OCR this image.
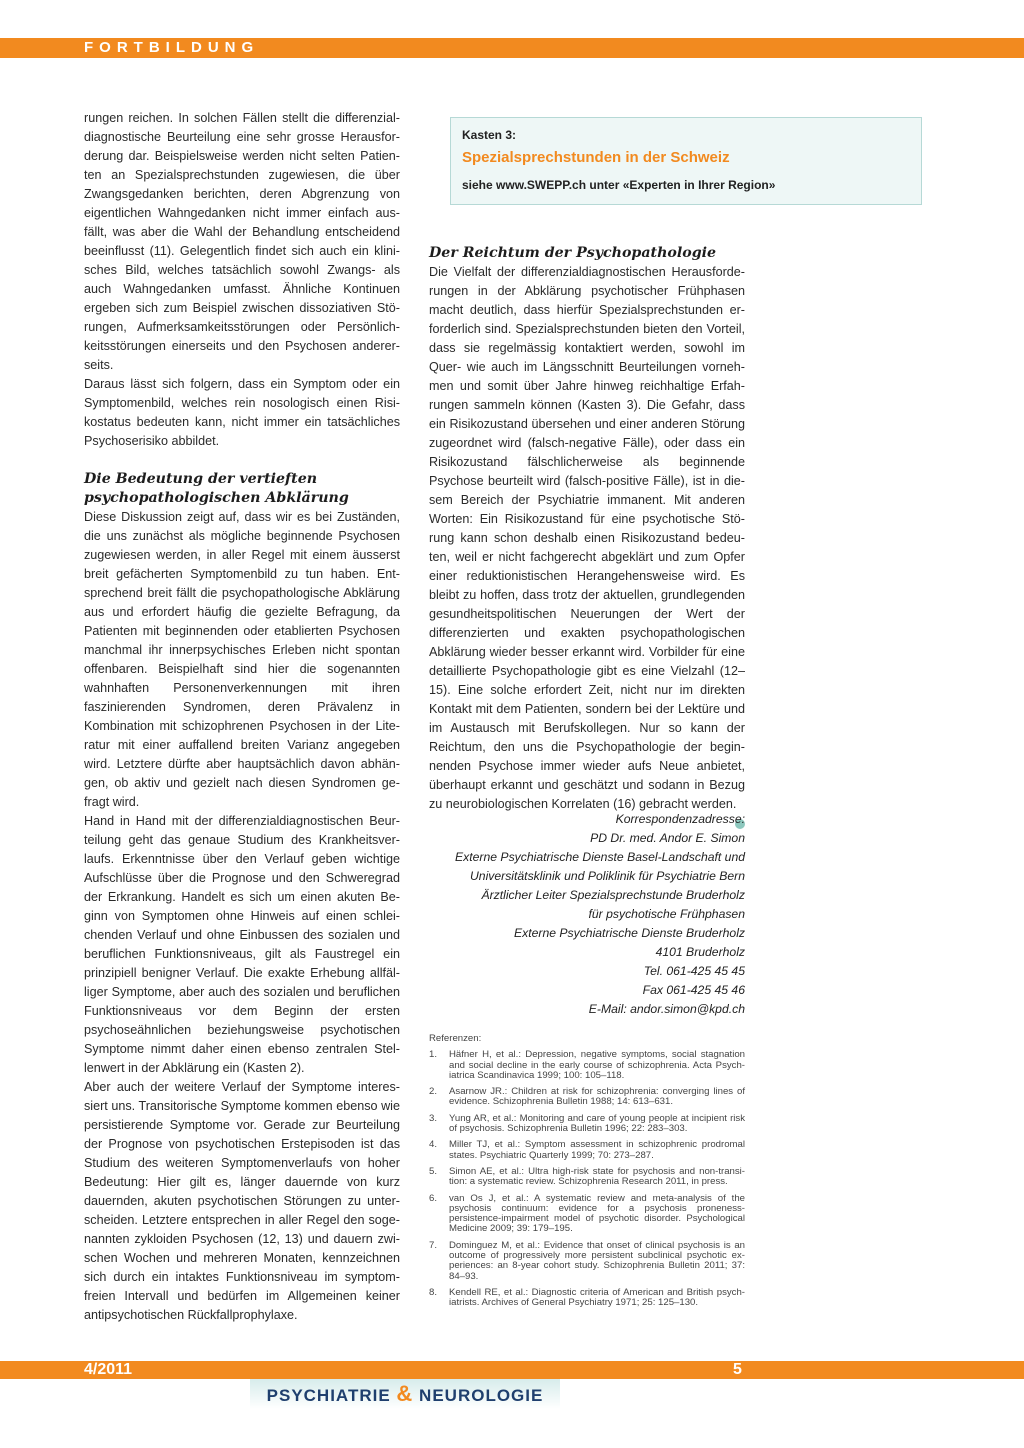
FORTBILDUNG

rungen reichen. In solchen Fällen stellt die differenzialdiagnostische Beurteilung eine sehr grosse Herausforderung dar. Beispielsweise werden nicht selten Patienten an Spezialsprechstunden zugewiesen, die über Zwangsgedanken berichten, deren Abgrenzung von eigentlichen Wahngedanken nicht immer einfach ausfällt, was aber die Wahl der Behandlung entscheidend beeinflusst (11). Gelegentlich findet sich auch ein klinisches Bild, welches tatsächlich sowohl Zwangs- als auch Wahngedanken umfasst. Ähnliche Kontinuen ergeben sich zum Beispiel zwischen dissoziativen Störungen, Aufmerksamkeitsstörungen oder Persönlichkeitsstörungen einerseits und den Psychosen andererseits.

Daraus lässt sich folgern, dass ein Symptom oder ein Symptomenbild, welches rein nosologisch einen Risikostatus bedeuten kann, nicht immer ein tatsächliches Psychoserisiko abbildet.

Die Bedeutung der vertieften psychopathologischen Abklärung

Diese Diskussion zeigt auf, dass wir es bei Zuständen, die uns zunächst als mögliche beginnende Psychosen zugewiesen werden, in aller Regel mit einem äusserst breit gefächerten Symptomenbild zu tun haben. Entsprechend breit fällt die psychopathologische Abklärung aus und erfordert häufig die gezielte Befragung, da Patienten mit beginnenden oder etablierten Psychosen manchmal ihr innerpsychisches Erleben nicht spontan offenbaren. Beispielhaft sind hier die sogenannten wahnhaften Personenverkennungen mit ihren faszinierenden Syndromen, deren Prävalenz in Kombination mit schizophrenen Psychosen in der Literatur mit einer auffallend breiten Varianz angegeben wird. Letztere dürfte aber hauptsächlich davon abhängen, ob aktiv und gezielt nach diesen Syndromen gefragt wird.

Hand in Hand mit der differenzialdiagnostischen Beurteilung geht das genaue Studium des Krankheitsverlaufs. Erkenntnisse über den Verlauf geben wichtige Aufschlüsse über die Prognose und den Schweregrad der Erkrankung. Handelt es sich um einen akuten Beginn von Symptomen ohne Hinweis auf einen schleichenden Verlauf und ohne Einbussen des sozialen und beruflichen Funktionsniveaus, gilt als Faustregel ein prinzipiell benigner Verlauf. Die exakte Erhebung allfälliger Symptome, aber auch des sozialen und beruflichen Funktionsniveaus vor dem Beginn der ersten psychoseähnlichen beziehungsweise psychotischen Symptome nimmt daher einen ebenso zentralen Stellenwert in der Abklärung ein (Kasten 2).

Aber auch der weitere Verlauf der Symptome interessiert uns. Transitorische Symptome kommen ebenso wie persistierende Symptome vor. Gerade zur Beurteilung der Prognose von psychotischen Erstepisoden ist das Studium des weiteren Symptomenverlaufs von hoher Bedeutung: Hier gilt es, länger dauernde von kurz dauernden, akuten psychotischen Störungen zu unterscheiden. Letztere entsprechen in aller Regel den sogenannten zykloiden Psychosen (12, 13) und dauern zwischen Wochen und mehreren Monaten, kennzeichnen sich durch ein intaktes Funktionsniveau im symptomfreien Intervall und bedürfen im Allgemeinen keiner antipsychotischen Rückfallprophylaxe.

Kasten 3:
Spezialsprechstunden in der Schweiz
siehe www.SWEPP.ch unter «Experten in Ihrer Region»
Der Reichtum der Psychopathologie

Die Vielfalt der differenzialdiagnostischen Herausforderungen in der Abklärung psychotischer Frühphasen macht deutlich, dass hierfür Spezialsprechstunden erforderlich sind. Spezialsprechstunden bieten den Vorteil, dass sie regelmässig kontaktiert werden, sowohl im Quer- wie auch im Längsschnitt Beurteilungen vornehmen und somit über Jahre hinweg reichhaltige Erfahrungen sammeln können (Kasten 3). Die Gefahr, dass ein Risikozustand übersehen und einer anderen Störung zugeordnet wird (falsch-negative Fälle), oder dass ein Risikozustand fälschlicherweise als beginnende Psychose beurteilt wird (falsch-positive Fälle), ist in diesem Bereich der Psychiatrie immanent. Mit anderen Worten: Ein Risikozustand für eine psychotische Störung kann schon deshalb einen Risikozustand bedeuten, weil er nicht fachgerecht abgeklärt und zum Opfer einer reduktionistischen Herangehensweise wird. Es bleibt zu hoffen, dass trotz der aktuellen, grundlegenden gesundheitspolitischen Neuerungen der Wert der differenzierten und exakten psychopathologischen Abklärung wieder besser erkannt wird. Vorbilder für eine detaillierte Psychopathologie gibt es eine Vielzahl (12–15). Eine solche erfordert Zeit, nicht nur im direkten Kontakt mit dem Patienten, sondern bei der Lektüre und im Austausch mit Berufskollegen. Nur so kann der Reichtum, den uns die Psychopathologie der beginnenden Psychose immer wieder aufs Neue anbietet, überhaupt erkannt und geschätzt und sodann in Bezug zu neurobiologischen Korrelaten (16) gebracht werden.

Korrespondenzadresse:
PD Dr. med. Andor E. Simon
Externe Psychiatrische Dienste Basel-Landschaft und
Universitätsklinik und Poliklinik für Psychiatrie Bern
Ärztlicher Leiter Spezialsprechstunde Bruderholz
für psychotische Frühphasen
Externe Psychiatrische Dienste Bruderholz
4101 Bruderholz
Tel. 061-425 45 45
Fax 061-425 45 46
E-Mail: andor.simon@kpd.ch
Referenzen:
1.	Häfner H, et al.: Depression, negative symptoms, social stagnation and social decline in the early course of schizophrenia. Acta Psychiatrica Scandinavica 1999; 100: 105–118.
2.	Asarnow JR.: Children at risk for schizophrenia: converging lines of evidence. Schizophrenia Bulletin 1988; 14: 613–631.
3.	Yung AR, et al.: Monitoring and care of young people at incipient risk of psychosis. Schizophrenia Bulletin 1996; 22: 283–303.
4.	Miller TJ, et al.: Symptom assessment in schizophrenic prodromal states. Psychiatric Quarterly 1999; 70: 273–287.
5.	Simon AE, et al.: Ultra high-risk state for psychosis and non-transition: a systematic review. Schizophrenia Research 2011, in press.
6.	van Os J, et al.: A systematic review and meta-analysis of the psychosis continuum: evidence for a psychosis proneness-persistence-impairment model of psychotic disorder. Psychological Medicine 2009; 39: 179–195.
7.	Dominguez M, et al.: Evidence that onset of clinical psychosis is an outcome of progressively more persistent subclinical psychotic experiences: an 8-year cohort study. Schizophrenia Bulletin 2011; 37: 84–93.
8.	Kendell RE, et al.: Diagnostic criteria of American and British psychiatrists. Archives of General Psychiatry 1971; 25: 125–130.
4/2011	5
PSYCHIATRIE & NEUROLOGIE
